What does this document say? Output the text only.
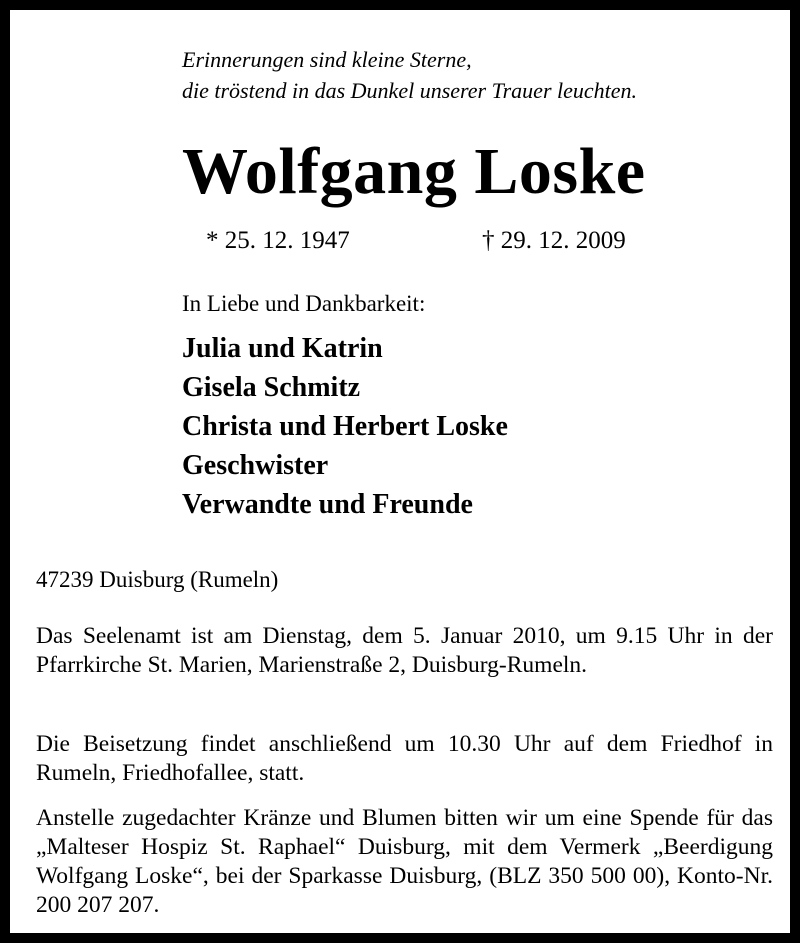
Erinnerungen sind kleine Sterne,
die tröstend in das Dunkel unserer Trauer leuchten.
Wolfgang Loske
* 25. 12. 1947	† 29. 12. 2009
In Liebe und Dankbarkeit:
Julia und Katrin
Gisela Schmitz
Christa und Herbert Loske
Geschwister
Verwandte und Freunde
47239 Duisburg (Rumeln)

Das Seelenamt ist am Dienstag, dem 5. Januar 2010, um 9.15 Uhr in der Pfarrkirche St. Marien, Marienstraße 2, Duisburg-Rumeln.

Die Beisetzung findet anschließend um 10.30 Uhr auf dem Friedhof in Rumeln, Friedhofallee, statt.

Anstelle zugedachter Kränze und Blumen bitten wir um eine Spende für das „Malteser Hospiz St. Raphael“ Duisburg, mit dem Vermerk „Beerdigung Wolfgang Loske“, bei der Sparkasse Duisburg, (BLZ 350 500 00), Konto-Nr. 200 207 207.
